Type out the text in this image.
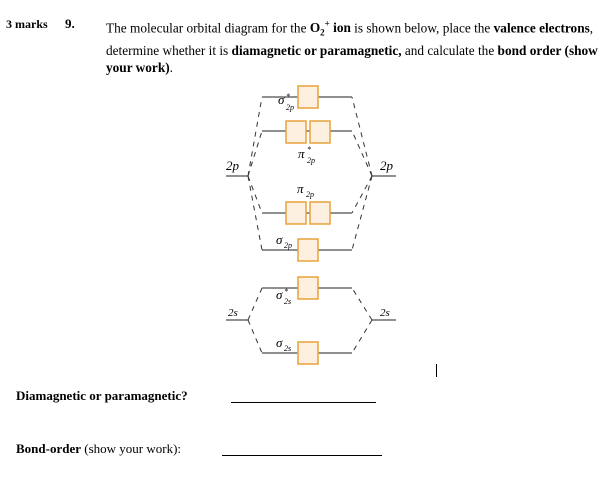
3 marks 9. The molecular orbital diagram for the $O_2^+$ ion is shown below, place the valence electrons, determine whether it is diamagnetic or paramagnetic, and calculate the bond order (show your work).
2p	2p
2s	2s
σ *
2p
π *
2p
π 2p
σ 2p
σ *
2s
σ 2s
Diamagnetic or paramagnetic?
Bond-order (show your work):
